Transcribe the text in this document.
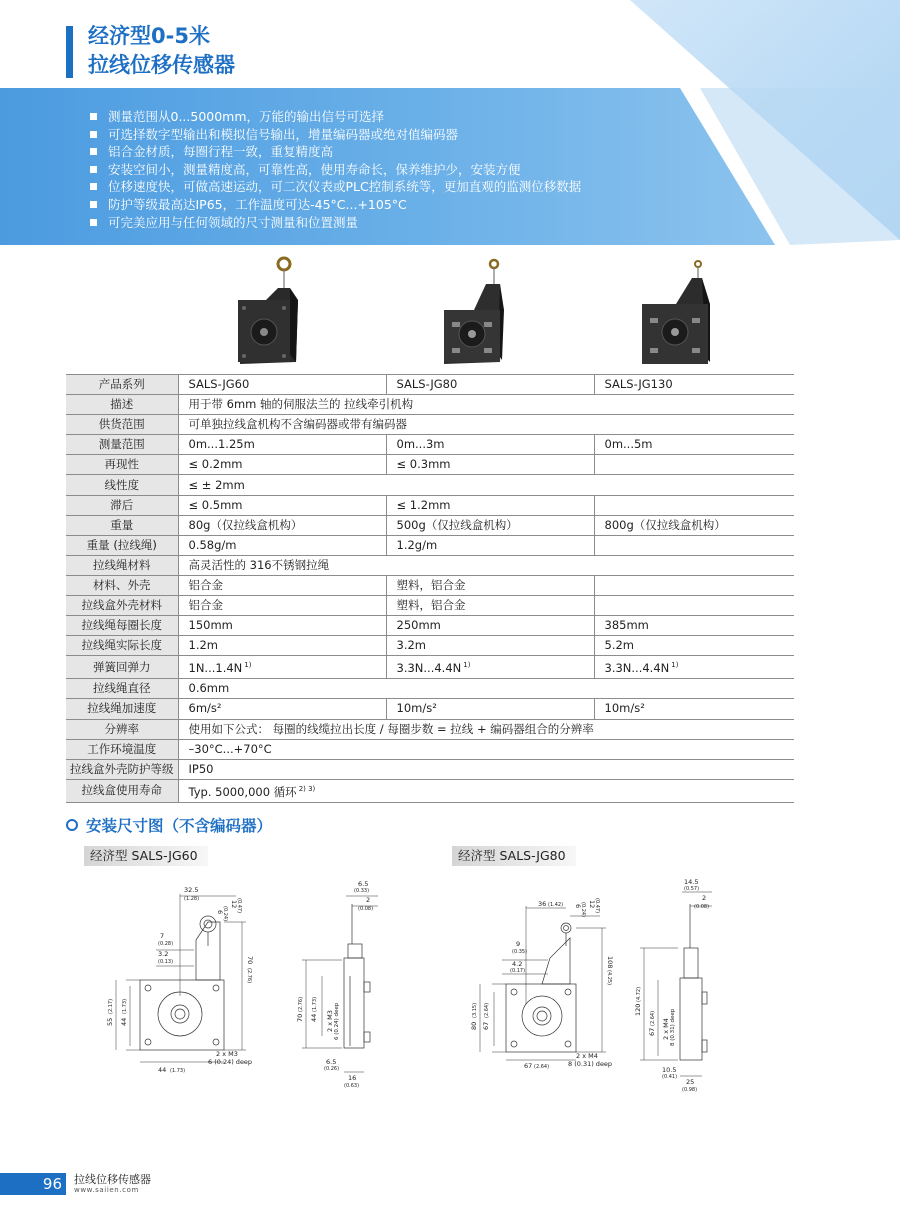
经济型0-5米
拉线位移传感器
测量范围从0...5000mm，万能的输出信号可选择
可选择数字型输出和模拟信号输出，增量编码器或绝对值编码器
铝合金材质，每圈行程一致，重复精度高
安装空间小，测量精度高，可靠性高，使用寿命长，保养维护少，安装方便
位移速度快，可做高速运动，可二次仪表或PLC控制系统等，更加直观的监测位移数据
防护等级最高达IP65，工作温度可达-45°C...+105°C
可完美应用与任何领域的尺寸测量和位置测量
产品系列	SALS-JG60	SALS-JG80	SALS-JG130
描述	用于带 6mm 轴的伺服法兰的 拉线牵引机构		
供货范围	可单独拉线盒机构不含编码器或带有编码器		
测量范围	0m...1.25m	0m...3m	0m...5m
再现性	≤ 0.2mm	≤ 0.3mm	
线性度	≤ ± 2mm		
滞后	≤ 0.5mm	≤ 1.2mm	
重量	80g（仅拉线盒机构）	500g（仅拉线盒机构）	800g（仅拉线盒机构）
重量 (拉线绳)	0.58g/m	1.2g/m	
拉线绳材料	高灵活性的 316不锈钢拉绳		
材料、外壳	铝合金	塑料，铝合金	
拉线盒外壳材料	铝合金	塑料，铝合金	
拉线绳每圈长度	150mm	250mm	385mm
拉线绳实际长度	1.2m	3.2m	5.2m
弹簧回弹力	1N...1.4N $^{1)}$	3.3N...4.4N $^{1)}$	3.3N...4.4N $^{1)}$
拉线绳直径	0.6mm		
拉线绳加速度	6m/s²	10m/s²	10m/s²
分辨率	使用如下公式： 每圈的线缆拉出长度 / 每圈步数 = 拉线 + 编码器组合的分辨率		
工作环境温度	–30°C...+70°C		
拉线盒外壳防护等级	IP50		
拉线盒使用寿命	Typ. 5000,000 循环 $^{2) 3)}$
安装尺寸图（不含编码器）
经济型 SALS-JG60	经济型 SALS-JG80
32.5
(1.28)
6
(0.24)
12
(0.47)
7
(0.28)
3.2
(0.13)	70
(2.76)
55
(2.17)
44
(1.73)
44 (1.73)
2 x M3
6 (0.24) deep
6.5
(0.33)
2
(0.08)
70
(2.76)
44
(1.73)
2 x M3 6 (0.24) deep
6.5
(0.26)
16
(0.63)
36 (1.42) 6
(0.24) 12
(0.47)
9
(0.35)
4.2
(0.17)
108
(4.25)
80
(3.15)
67
(2.64)
67 (2.64)
2 x M4
8 (0.31) deep
14.5
(0.57)
2
(0.08)
120
(4.72)
67
(2.64) 2 x M4 8 (0.31) deep
10.5
(0.41)
25
(0.98)
96	拉线位移传感器
www.saiien.com
